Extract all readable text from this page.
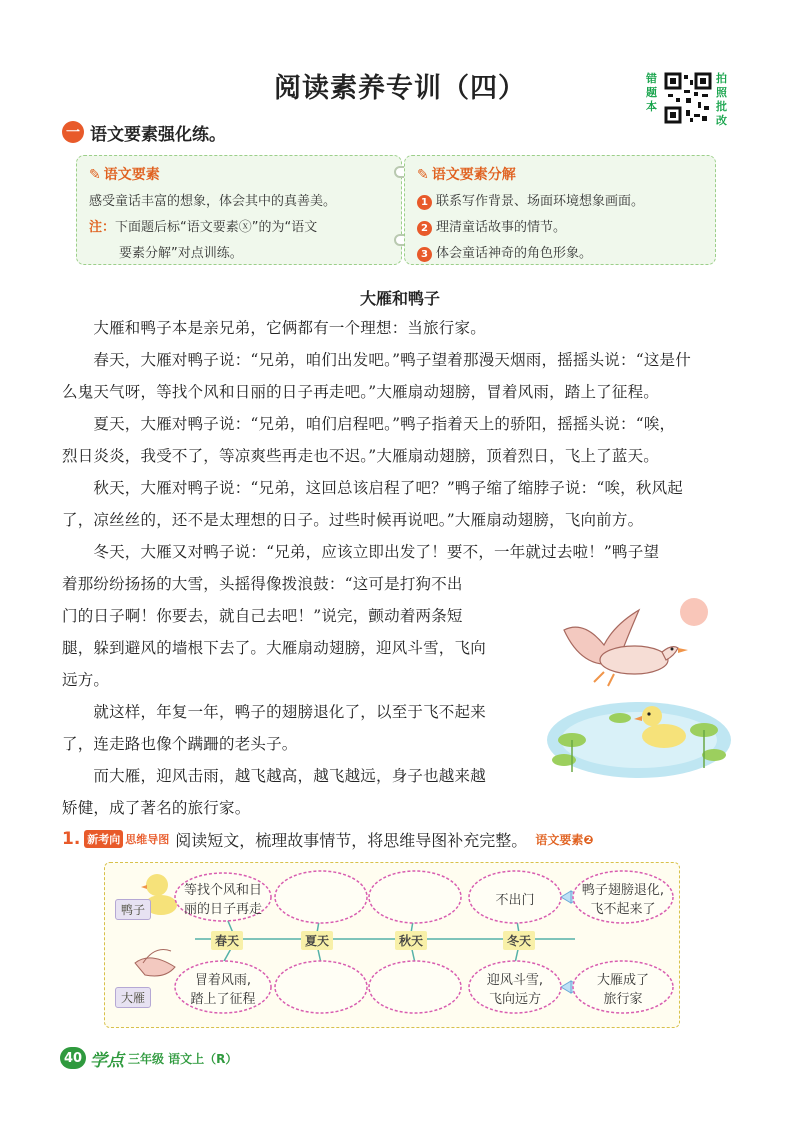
阅读素养专训（四）	错
题
本
拍
照
批
改
一 语文要素强化练。
✎ 语文要素
感受童话丰富的想象，体会其中的真善美。
注：下面题后标“语文要素ⓧ”的为“语文
要素分解”对点训练。
✎ 语文要素分解
1 联系写作背景、场面环境想象画面。
2 理清童话故事的情节。
3 体会童话神奇的角色形象。
大雁和鸭子
　　大雁和鸭子本是亲兄弟，它俩都有一个理想：当旅行家。
　　春天，大雁对鸭子说：“兄弟，咱们出发吧。”鸭子望着那漫天烟雨，摇摇头说：“这是什
么鬼天气呀，等找个风和日丽的日子再走吧。”大雁扇动翅膀，冒着风雨，踏上了征程。
　　夏天，大雁对鸭子说：“兄弟，咱们启程吧。”鸭子指着天上的骄阳，摇摇头说：“唉，
烈日炎炎，我受不了，等凉爽些再走也不迟。”大雁扇动翅膀，顶着烈日，飞上了蓝天。
　　秋天，大雁对鸭子说：“兄弟，这回总该启程了吧？”鸭子缩了缩脖子说：“唉，秋风起
了，凉丝丝的，还不是太理想的日子。过些时候再说吧。”大雁扇动翅膀，飞向前方。
　　冬天，大雁又对鸭子说：“兄弟，应该立即出发了！要不，一年就过去啦！”鸭子望
着那纷纷扬扬的大雪，头摇得像拨浪鼓：“这可是打狗不出
门的日子啊！你要去，就自己去吧！”说完，颤动着两条短
腿，躲到避风的墙根下去了。大雁扇动翅膀，迎风斗雪，飞向
远方。
　　就这样，年复一年，鸭子的翅膀退化了，以至于飞不起来
了，连走路也像个蹒跚的老头子。
　　而大雁，迎风击雨，越飞越高，越飞越远，身子也越来越
矫健，成了著名的旅行家。
1. 新考向 思维导图 阅读短文，梳理故事情节，将思维导图补充完整。 语文要素❷
鸭子
大雁
春天	夏天	秋天	冬天
等找个风和日
丽的日子再走
不出门
鸭子翅膀退化,
飞不起来了
冒着风雨,
踏上了征程
迎风斗雪,
飞向远方
大雁成了
旅行家
40 学点 三年级 语文上（R）
